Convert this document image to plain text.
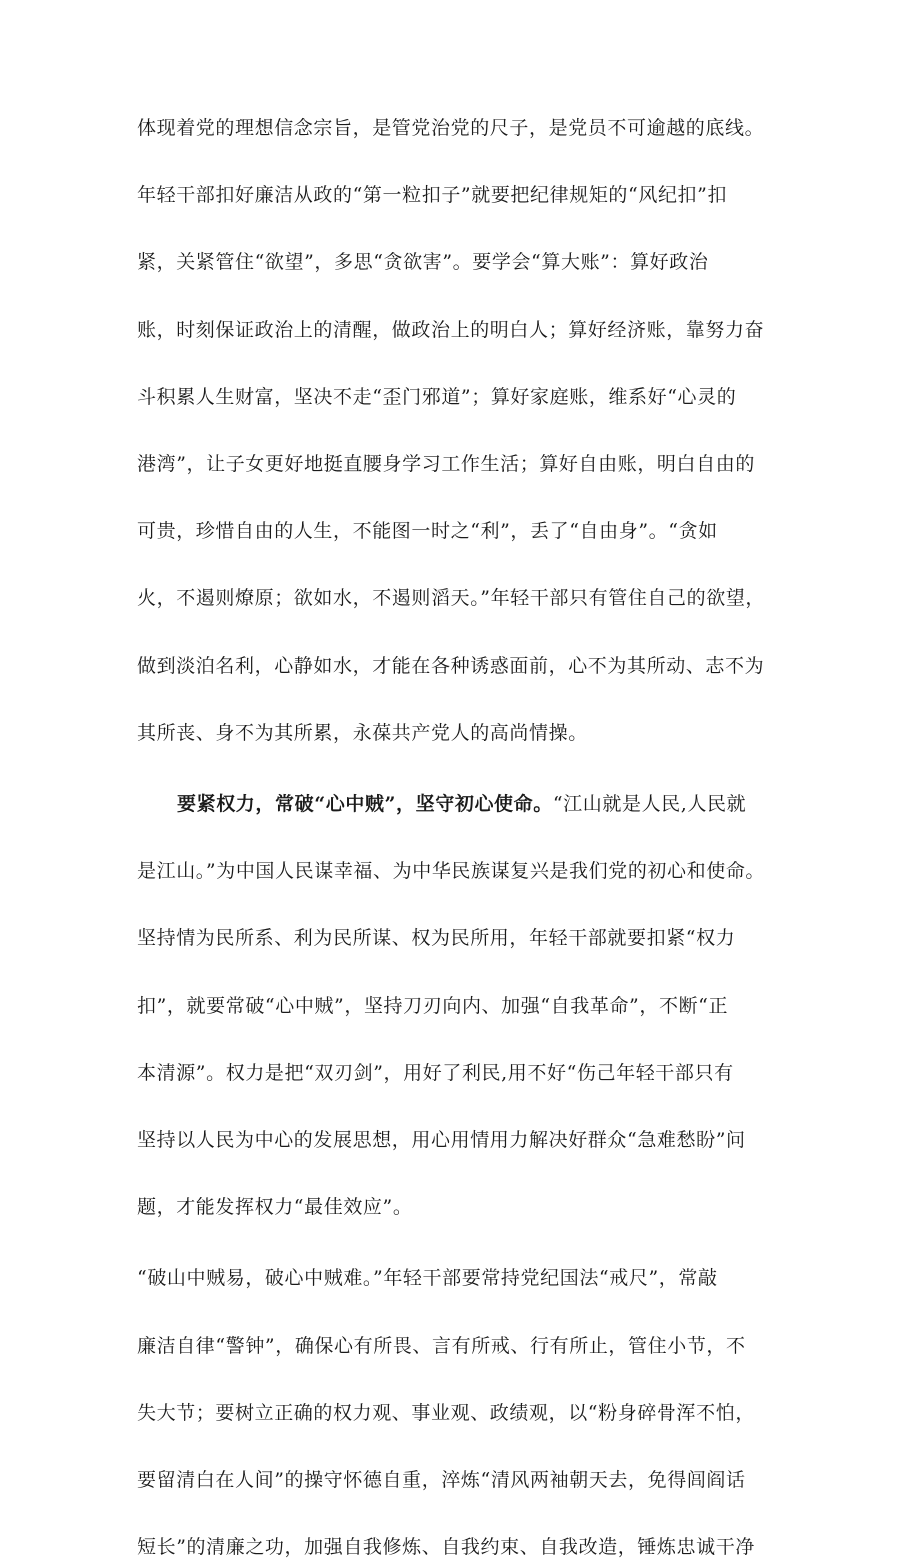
体现着党的理想信念宗旨，是管党治党的尺子，是党员不可逾越的底线。
年轻干部扣好廉洁从政的“第一粒扣子”就要把纪律规矩的“风纪扣”扣
紧，关紧管住“欲望”，多思“贪欲害”。要学会“算大账”：算好政治
账，时刻保证政治上的清醒，做政治上的明白人；算好经济账，靠努力奋
斗积累人生财富，坚决不走“歪门邪道”；算好家庭账，维系好“心灵的
港湾”，让子女更好地挺直腰身学习工作生活；算好自由账，明白自由的
可贵，珍惜自由的人生，不能图一时之“利”，丢了“自由身”。“贪如
火，不遏则燎原；欲如水，不遏则滔天。”年轻干部只有管住自己的欲望，
做到淡泊名利，心静如水，才能在各种诱惑面前，心不为其所动、志不为
其所丧、身不为其所累，永葆共产党人的高尚情操。
要紧权力，常破“心中贼”，坚守初心使命。“江山就是人民,人民就
是江山。”为中国人民谋幸福、为中华民族谋复兴是我们党的初心和使命。
坚持情为民所系、利为民所谋、权为民所用，年轻干部就要扣紧“权力
扣”，就要常破“心中贼”，坚持刀刃向内、加强“自我革命”，不断“正
本清源”。权力是把“双刃剑”，用好了利民,用不好“伤己年轻干部只有
坚持以人民为中心的发展思想，用心用情用力解决好群众“急难愁盼”问
题，才能发挥权力“最佳效应”。
“破山中贼易，破心中贼难。”年轻干部要常持党纪国法“戒尺”，常敲
廉洁自律“警钟”，确保心有所畏、言有所戒、行有所止，管住小节，不
失大节；要树立正确的权力观、事业观、政绩观，以“粉身碎骨浑不怕，
要留清白在人间”的操守怀德自重，淬炼“清风两袖朝天去，免得闾阎话
短长”的清廉之功，加强自我修炼、自我约束、自我改造，锤炼忠诚干净
